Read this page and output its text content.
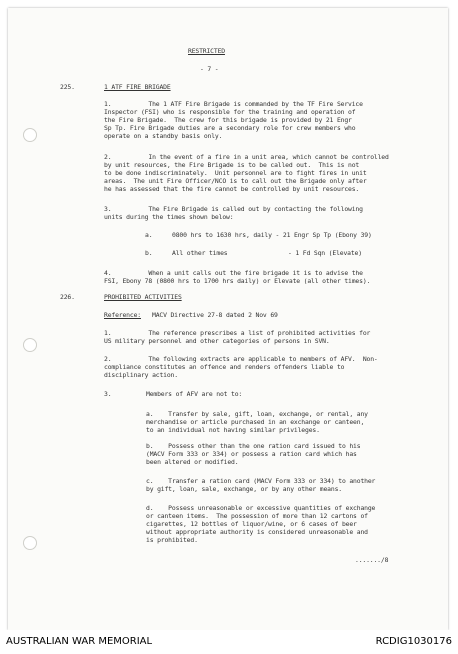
RESTRICTED
- 7 -
225.	1 ATF FIRE BRIGADE
1.          The 1 ATF Fire Brigade is commanded by the TF Fire Service
Inspector (FSI) who is responsible for the training and operation of
the Fire Brigade.  The crew for this brigade is provided by 21 Engr
Sp Tp. Fire Brigade duties are a secondary role for crew members who
operate on a standby basis only.
2.          In the event of a fire in a unit area, which cannot be controlled
by unit resources, the Fire Brigade is to be called out.  This is not
to be done indiscriminately.  Unit personnel are to fight fires in unit
areas.  The unit Fire Officer/NCO is to call out the Brigade only after
he has assessed that the fire cannot be controlled by unit resources.
3.          The Fire Brigade is called out by contacting the following
units during the times shown below:
a.	0800 hrs to 1630 hrs, daily - 21 Engr Sp Tp (Ebony 39)
b.	All other times	- 1 Fd Sqn (Elevate)
4.          When a unit calls out the fire brigade it is to advise the
FSI, Ebony 78 (0800 hrs to 1700 hrs daily) or Elevate (all other times).
226.	PROHIBITED ACTIVITIES
Reference: MACV Directive 27-8 dated 2 Nov 69
1.          The reference prescribes a list of prohibited activities for
US military personnel and other categories of persons in SVN.
2.          The following extracts are applicable to members of AFV.  Non-
compliance constitutes an offence and renders offenders liable to
disciplinary action.
3.	Members of AFV are not to:
a.    Transfer by sale, gift, loan, exchange, or rental, any
merchandise or article purchased in an exchange or canteen,
to an individual not having similar privileges.
b.    Possess other than the one ration card issued to his
(MACV Form 333 or 334) or possess a ration card which has
been altered or modified.
c.    Transfer a ration card (MACV Form 333 or 334) to another
by gift, loan, sale, exchange, or by any other means.
d.    Possess unreasonable or excessive quantities of exchange
or canteen items.  The possession of more than 12 cartons of
cigarettes, 12 bottles of liquor/wine, or 6 cases of beer
without appropriate authority is considered unreasonable and
is prohibited.
......./8
AUSTRALIAN WAR MEMORIAL	RCDIG1030176
